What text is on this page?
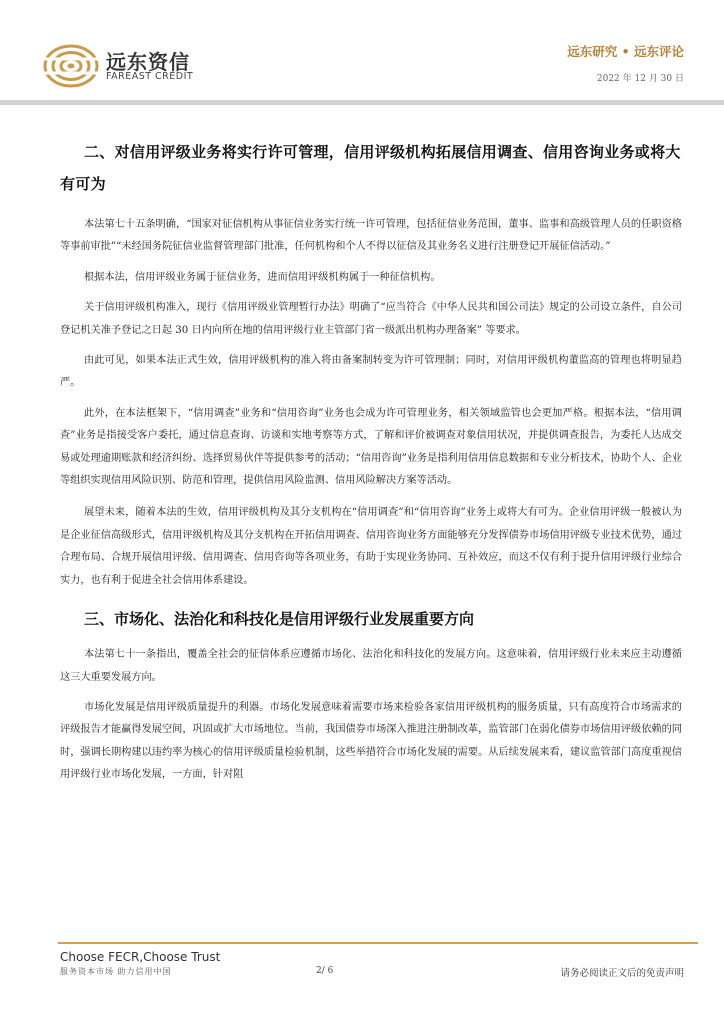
远东资信
FAREAST CREDIT
远东研究 • 远东评论
2022 年 12 月 30 日
二、对信用评级业务将实行许可管理，信用评级机构拓展信用调查、信用咨询业务或将大有可为

本法第七十五条明确，“国家对征信机构从事征信业务实行统一许可管理，包括征信业务范围，董事、监事和高级管理人员的任职资格等事前审批”“未经国务院征信业监督管理部门批准，任何机构和个人不得以征信及其业务名义进行注册登记开展征信活动。”

根据本法，信用评级业务属于征信业务，进而信用评级机构属于一种征信机构。

关于信用评级机构准入，现行《信用评级业管理暂行办法》明确了“应当符合《中华人民共和国公司法》规定的公司设立条件，自公司登记机关准予登记之日起 30 日内向所在地的信用评级行业主管部门省一级派出机构办理备案” 等要求。

由此可见，如果本法正式生效，信用评级机构的准入将由备案制转变为许可管理制；同时，对信用评级机构董监高的管理也将明显趋严。

此外，在本法框架下，“信用调查”业务和“信用咨询”业务也会成为许可管理业务，相关领域监管也会更加严格。根据本法，“信用调查”业务是指接受客户委托，通过信息查询、访谈和实地考察等方式，了解和评价被调查对象信用状况，并提供调查报告，为委托人达成交易或处理逾期账款和经济纠纷、选择贸易伙伴等提供参考的活动；“信用咨询”业务是指利用信用信息数据和专业分析技术，协助个人、企业等组织实现信用风险识别、防范和管理，提供信用风险监测、信用风险解决方案等活动。

展望未来，随着本法的生效，信用评级机构及其分支机构在“信用调查”和“信用咨询”业务上或将大有可为。企业信用评级一般被认为是企业征信高级形式，信用评级机构及其分支机构在开拓信用调查、信用咨询业务方面能够充分发挥债券市场信用评级专业技术优势，通过合理布局、合规开展信用评级、信用调查、信用咨询等各项业务，有助于实现业务协同、互补效应，而这不仅有利于提升信用评级行业综合实力，也有利于促进全社会信用体系建设。

三、市场化、法治化和科技化是信用评级行业发展重要方向

本法第七十一条指出，覆盖全社会的征信体系应遵循市场化、法治化和科技化的发展方向。这意味着，信用评级行业未来应主动遵循这三大重要发展方向。

市场化发展是信用评级质量提升的利器。市场化发展意味着需要市场来检验各家信用评级机构的服务质量，只有高度符合市场需求的评级报告才能赢得发展空间，巩固或扩大市场地位。当前，我国债券市场深入推进注册制改革，监管部门在弱化债券市场信用评级依赖的同时，强调长期构建以违约率为核心的信用评级质量检验机制，这些举措符合市场化发展的需要。从后续发展来看，建议监管部门高度重视信用评级行业市场化发展，一方面，针对阻

Choose FECR,Choose Trust
服务资本市场 助力信用中国	2/ 6	请务必阅读正文后的免责声明
